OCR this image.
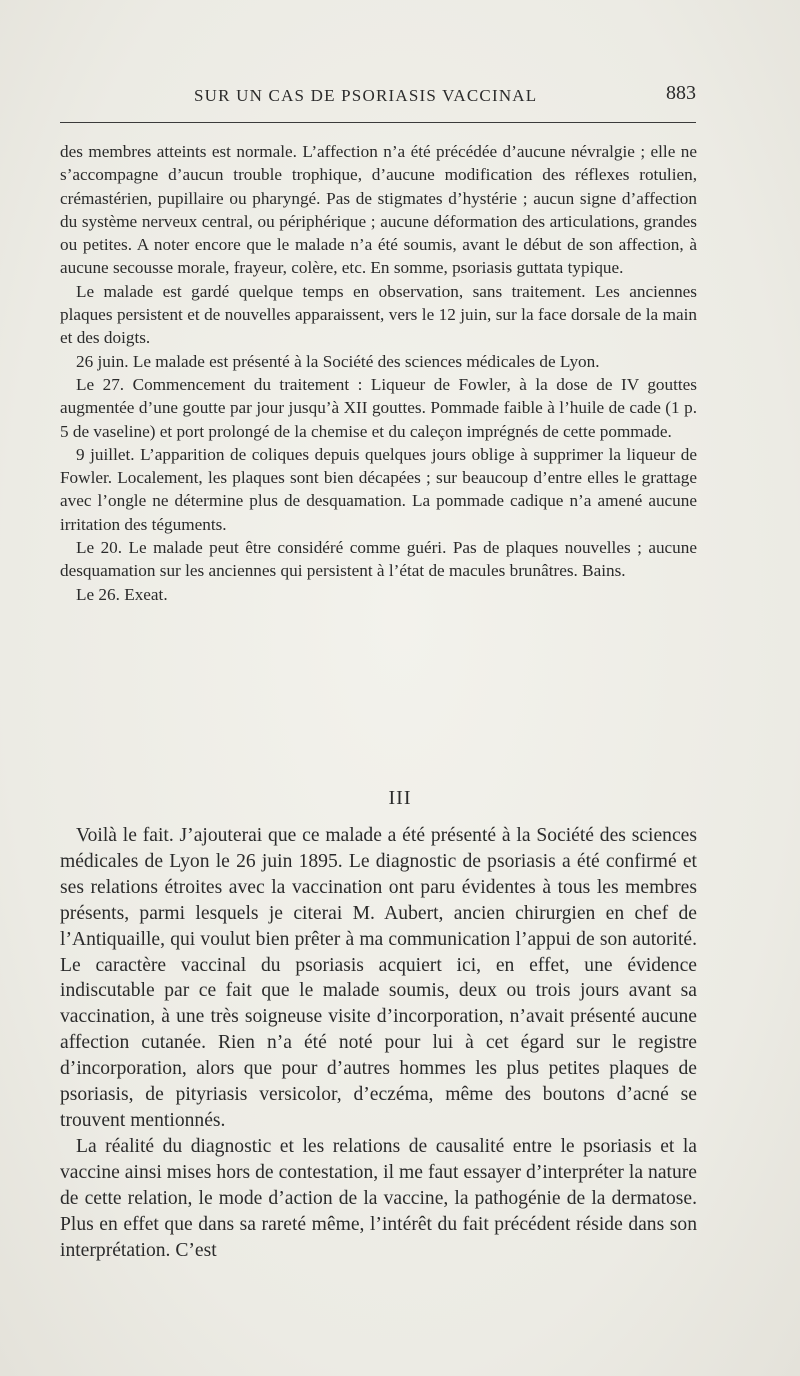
SUR UN CAS DE PSORIASIS VACCINAL	883

des membres atteints est normale. L’affection n’a été précédée d’aucune névralgie ; elle ne s’accompagne d’aucun trouble trophique, d’aucune modification des réflexes rotulien, crémastérien, pupillaire ou pharyngé. Pas de stigmates d’hystérie ; aucun signe d’affection du système nerveux central, ou périphérique ; aucune déformation des articulations, grandes ou petites. A noter encore que le malade n’a été soumis, avant le début de son affection, à aucune secousse morale, frayeur, colère, etc. En somme, psoriasis guttata typique.

Le malade est gardé quelque temps en observation, sans traitement. Les anciennes plaques persistent et de nouvelles apparaissent, vers le 12 juin, sur la face dorsale de la main et des doigts.

26 juin. Le malade est présenté à la Société des sciences médicales de Lyon.

Le 27. Commencement du traitement : Liqueur de Fowler, à la dose de IV gouttes augmentée d’une goutte par jour jusqu’à XII gouttes. Pommade faible à l’huile de cade (1 p. 5 de vaseline) et port prolongé de la chemise et du caleçon imprégnés de cette pommade.

9 juillet. L’apparition de coliques depuis quelques jours oblige à supprimer la liqueur de Fowler. Localement, les plaques sont bien décapées ; sur beaucoup d’entre elles le grattage avec l’ongle ne détermine plus de desquamation. La pommade cadique n’a amené aucune irritation des téguments.

Le 20. Le malade peut être considéré comme guéri. Pas de plaques nouvelles ; aucune desquamation sur les anciennes qui persistent à l’état de macules brunâtres. Bains.

Le 26. Exeat.

III

Voilà le fait. J’ajouterai que ce malade a été présenté à la Société des sciences médicales de Lyon le 26 juin 1895. Le diagnostic de psoriasis a été confirmé et ses relations étroites avec la vaccination ont paru évidentes à tous les membres présents, parmi lesquels je citerai M. Aubert, ancien chirurgien en chef de l’Antiquaille, qui voulut bien prêter à ma communication l’appui de son autorité. Le caractère vaccinal du psoriasis acquiert ici, en effet, une évidence indiscutable par ce fait que le malade soumis, deux ou trois jours avant sa vaccination, à une très soigneuse visite d’incorporation, n’avait présenté aucune affection cutanée. Rien n’a été noté pour lui à cet égard sur le registre d’incorporation, alors que pour d’autres hommes les plus petites plaques de psoriasis, de pityriasis versicolor, d’eczéma, même des boutons d’acné se trouvent mentionnés.

La réalité du diagnostic et les relations de causalité entre le psoriasis et la vaccine ainsi mises hors de contestation, il me faut essayer d’interpréter la nature de cette relation, le mode d’action de la vaccine, la pathogénie de la dermatose. Plus en effet que dans sa rareté même, l’intérêt du fait précédent réside dans son interprétation. C’est
